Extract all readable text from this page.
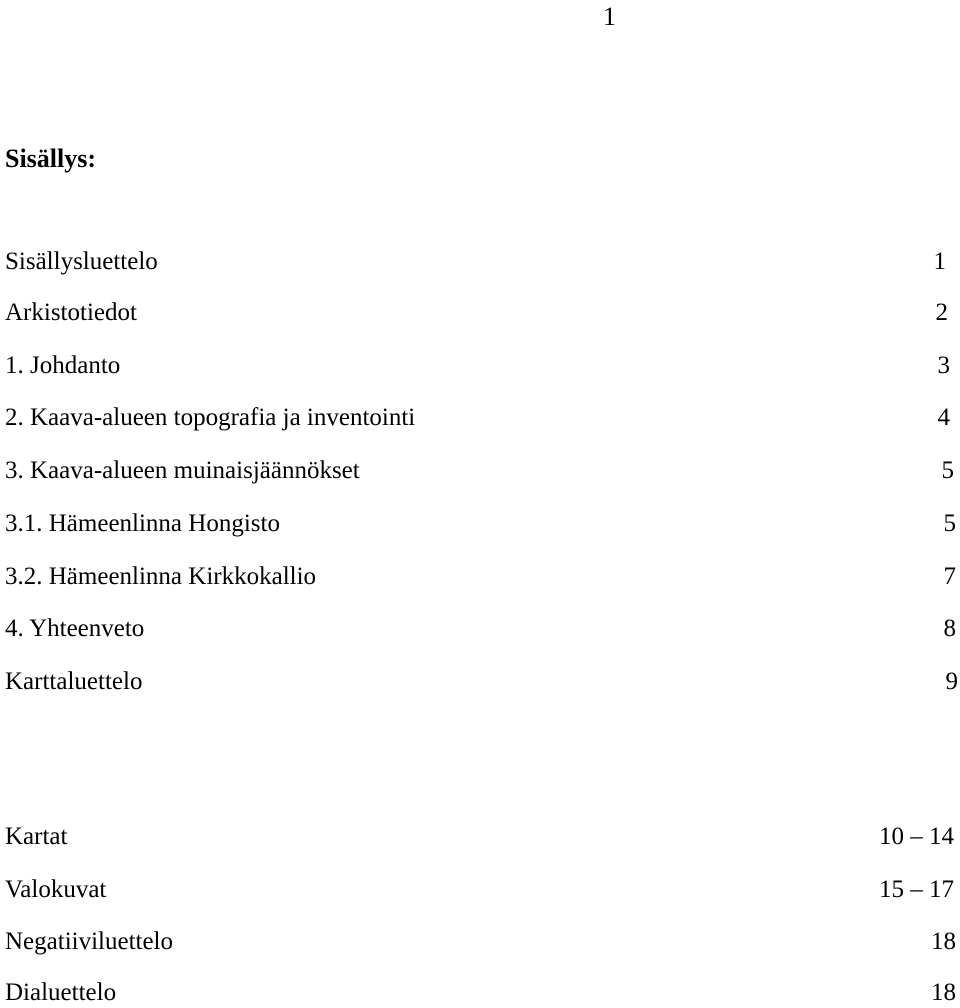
1
Sisällys:
Sisällysluettelo	1
Arkistotiedot	2
1. Johdanto	3
2. Kaava-alueen topografia ja inventointi	4
3. Kaava-alueen muinaisjäännökset	5
3.1. Hämeenlinna Hongisto	5
3.2. Hämeenlinna Kirkkokallio	7
4. Yhteenveto	8
Karttaluettelo	9
Kartat	10 – 14
Valokuvat	15 – 17
Negatiiviluettelo	18
Dialuettelo	18
